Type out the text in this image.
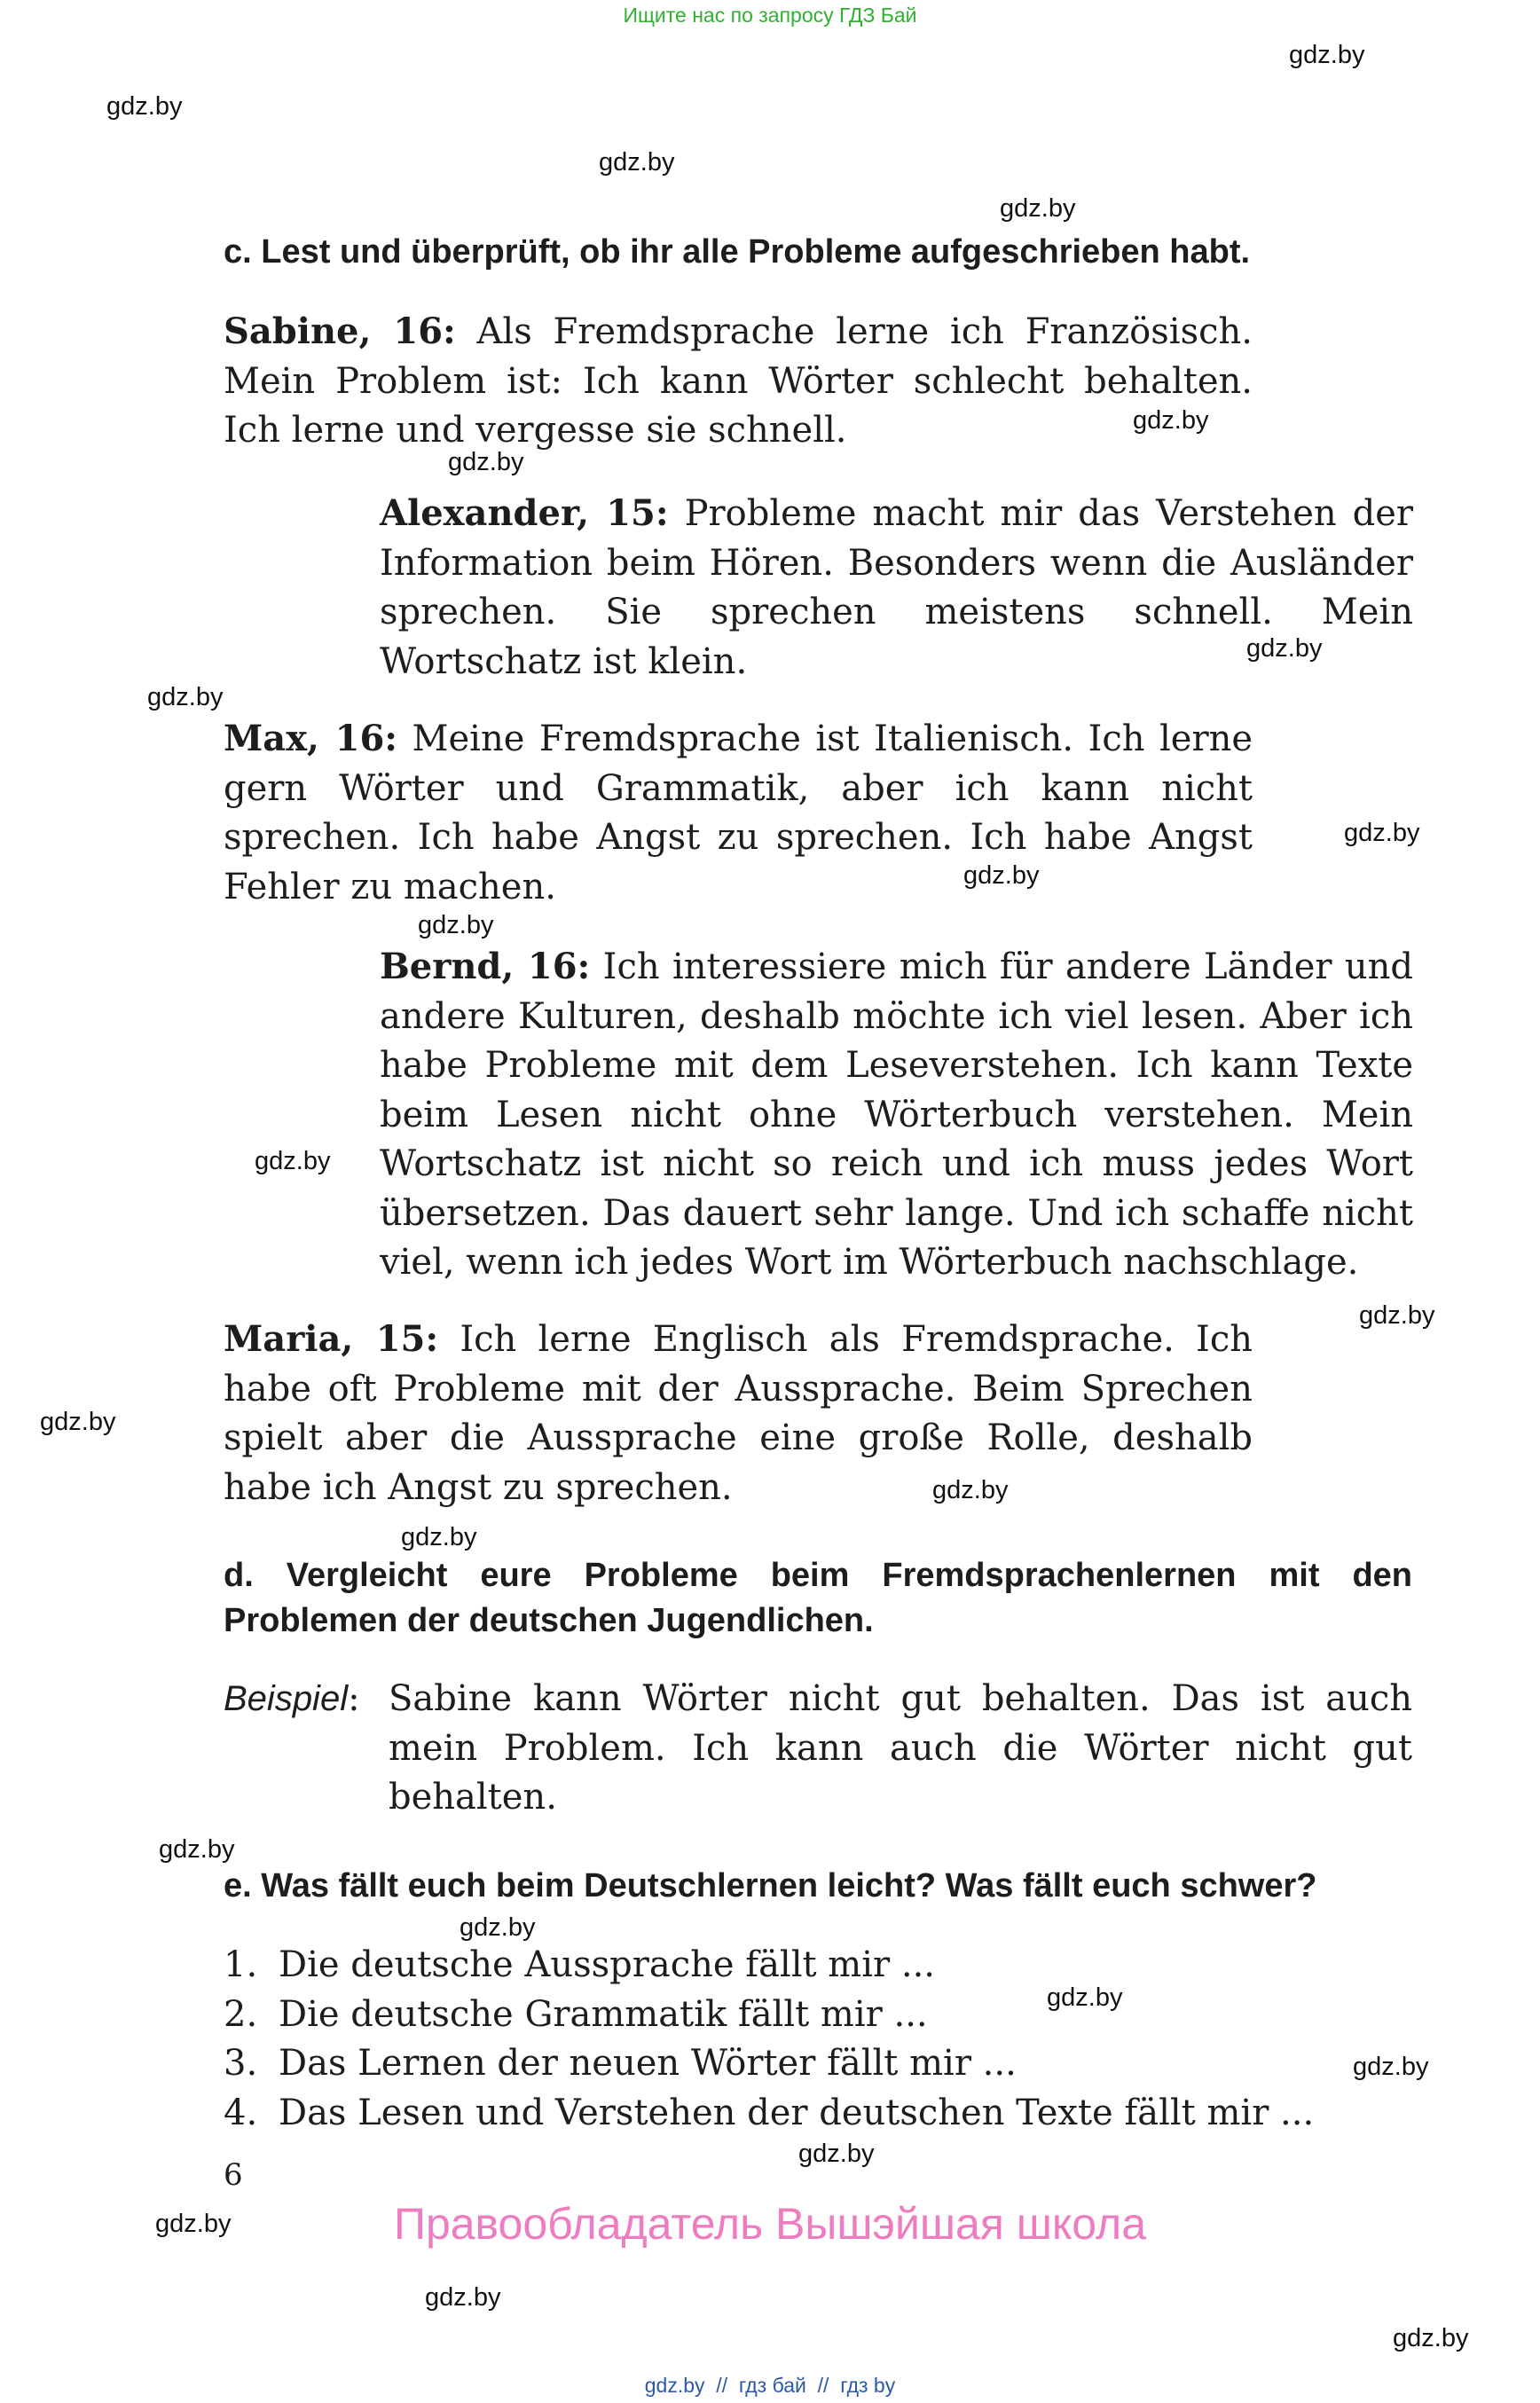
Ищите нас по запросу ГДЗ Бай
gdz.by
gdz.by
gdz.by
gdz.by
gdz.by
gdz.by
gdz.by
gdz.by
gdz.by
gdz.by
gdz.by
gdz.by
gdz.by
gdz.by
gdz.by
gdz.by
gdz.by
gdz.by
gdz.by
gdz.by
gdz.by
gdz.by
gdz.by
gdz.by
c. Lest und überprüft, ob ihr alle Probleme aufgeschrieben habt.
Sabine, 16: Als Fremdsprache lerne ich Französisch. Mein Problem ist: Ich kann Wörter schlecht behalten. Ich lerne und vergesse sie schnell.
Alexander, 15: Probleme macht mir das Verstehen der Information beim Hören. Besonders wenn die Ausländer sprechen. Sie sprechen meistens schnell. Mein Wortschatz ist klein.
Max, 16: Meine Fremdsprache ist Italienisch. Ich lerne gern Wörter und Grammatik, aber ich kann nicht sprechen. Ich habe Angst zu sprechen. Ich habe Angst Fehler zu machen.
Bernd, 16: Ich interessiere mich für andere Länder und andere Kulturen, deshalb möchte ich viel lesen. Aber ich habe Probleme mit dem Leseverstehen. Ich kann Texte beim Lesen nicht ohne Wörterbuch verstehen. Mein Wortschatz ist nicht so reich und ich muss jedes Wort übersetzen. Das dauert sehr lange. Und ich schaffe nicht viel, wenn ich jedes Wort im Wörterbuch nachschlage.
Maria, 15: Ich lerne Englisch als Fremdsprache. Ich habe oft Probleme mit der Aussprache. Beim Sprechen spielt aber die Aussprache eine große Rolle, deshalb habe ich Angst zu sprechen.
d. Vergleicht eure Probleme beim Fremdsprachenlernen mit den Problemen der deutschen Jugendlichen.
Beispiel: Sabine kann Wörter nicht gut behalten. Das ist auch mein Problem. Ich kann auch die Wörter nicht gut behalten.
e. Was fällt euch beim Deutschlernen leicht? Was fällt euch schwer?
1. Die deutsche Aussprache fällt mir ...
2. Die deutsche Grammatik fällt mir ...
3. Das Lernen der neuen Wörter fällt mir ...
4. Das Lesen und Verstehen der deutschen Texte fällt mir ...
6
Правообладатель Вышэйшая школа
gdz.by  //  гдз бай  //  гдз by
